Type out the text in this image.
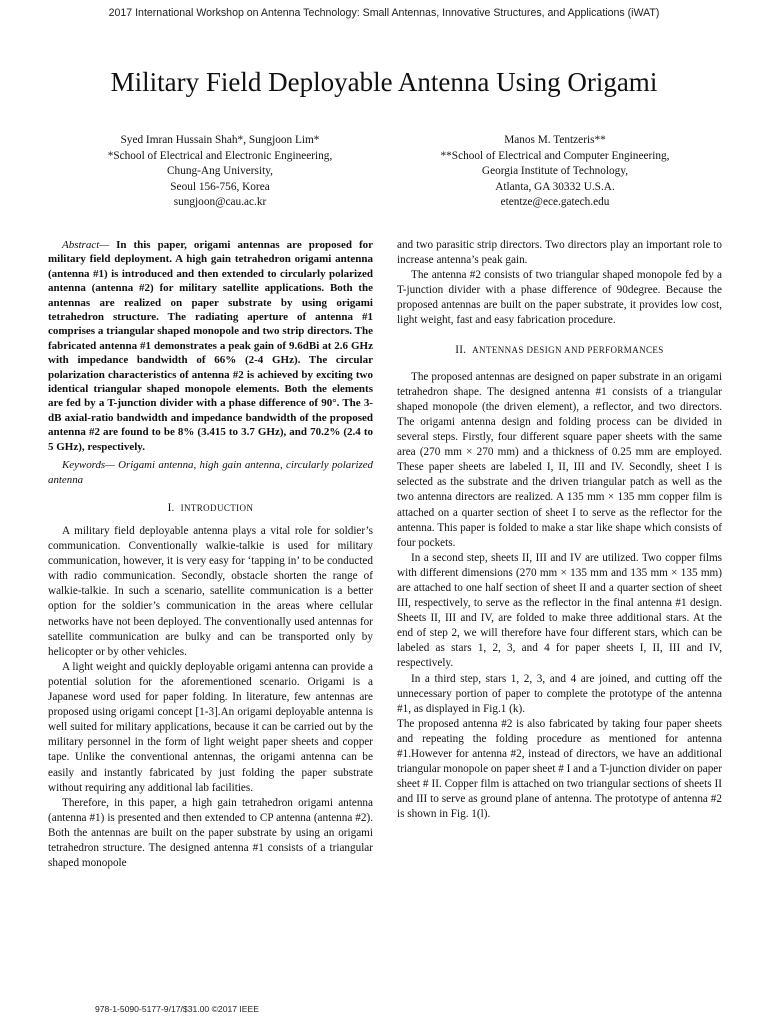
2017 International Workshop on Antenna Technology: Small Antennas, Innovative Structures, and Applications (iWAT)
Military Field Deployable Antenna Using Origami
Syed Imran Hussain Shah*, Sungjoon Lim*
*School of Electrical and Electronic Engineering,
Chung-Ang University,
Seoul 156-756, Korea
sungjoon@cau.ac.kr
Manos M. Tentzeris**
**School of Electrical and Computer Engineering,
Georgia Institute of Technology,
Atlanta, GA 30332 U.S.A.
etentze@ece.gatech.edu

Abstract— In this paper, origami antennas are proposed for military field deployment. A high gain tetrahedron origami antenna (antenna #1) is introduced and then extended to circularly polarized antenna (antenna #2) for military satellite applications. Both the antennas are realized on paper substrate by using origami tetrahedron structure. The radiating aperture of antenna #1 comprises a triangular shaped monopole and two strip directors. The fabricated antenna #1 demonstrates a peak gain of 9.6dBi at 2.6 GHz with impedance bandwidth of 66% (2-4 GHz). The circular polarization characteristics of antenna #2 is achieved by exciting two identical triangular shaped monopole elements. Both the elements are fed by a T-junction divider with a phase difference of 90°. The 3-dB axial-ratio bandwidth and impedance bandwidth of the proposed antenna #2 are found to be 8% (3.415 to 3.7 GHz), and 70.2% (2.4 to 5 GHz), respectively.

Keywords— Origami antenna, high gain antenna, circularly polarized antenna

I. INTRODUCTION

A military field deployable antenna plays a vital role for soldier’s communication. Conventionally walkie-talkie is used for military communication, however, it is very easy for ‘tapping in’ to be conducted with radio communication. Secondly, obstacle shorten the range of walkie-talkie. In such a scenario, satellite communication is a better option for the soldier’s communication in the areas where cellular networks have not been deployed. The conventionally used antennas for satellite communication are bulky and can be transported only by helicopter or by other vehicles.

A light weight and quickly deployable origami antenna can provide a potential solution for the aforementioned scenario. Origami is a Japanese word used for paper folding. In literature, few antennas are proposed using origami concept [1-3].An origami deployable antenna is well suited for military applications, because it can be carried out by the military personnel in the form of light weight paper sheets and copper tape. Unlike the conventional antennas, the origami antenna can be easily and instantly fabricated by just folding the paper substrate without requiring any additional lab facilities.

Therefore, in this paper, a high gain tetrahedron origami antenna (antenna #1) is presented and then extended to CP antenna (antenna #2). Both the antennas are built on the paper substrate by using an origami tetrahedron structure. The designed antenna #1 consists of a triangular shaped monopole

and two parasitic strip directors. Two directors play an important role to increase antenna’s peak gain.

The antenna #2 consists of two triangular shaped monopole fed by a T-junction divider with a phase difference of 90degree. Because the proposed antennas are built on the paper substrate, it provides low cost, light weight, fast and easy fabrication procedure.

II. ANTENNAS DESIGN AND PERFORMANCES

The proposed antennas are designed on paper substrate in an origami tetrahedron shape. The designed antenna #1 consists of a triangular shaped monopole (the driven element), a reflector, and two directors. The origami antenna design and folding process can be divided in several steps. Firstly, four different square paper sheets with the same area (270 mm × 270 mm) and a thickness of 0.25 mm are employed. These paper sheets are labeled I, II, III and IV. Secondly, sheet I is selected as the substrate and the driven triangular patch as well as the two antenna directors are realized. A 135 mm × 135 mm copper film is attached on a quarter section of sheet I to serve as the reflector for the antenna. This paper is folded to make a star like shape which consists of four pockets.

In a second step, sheets II, III and IV are utilized. Two copper films with different dimensions (270 mm × 135 mm and 135 mm × 135 mm) are attached to one half section of sheet II and a quarter section of sheet III, respectively, to serve as the reflector in the final antenna #1 design. Sheets II, III and IV, are folded to make three additional stars. At the end of step 2, we will therefore have four different stars, which can be labeled as stars 1, 2, 3, and 4 for paper sheets I, II, III and IV, respectively.

In a third step, stars 1, 2, 3, and 4 are joined, and cutting off the unnecessary portion of paper to complete the prototype of the antenna #1, as displayed in Fig.1 (k).

The proposed antenna #2 is also fabricated by taking four paper sheets and repeating the folding procedure as mentioned for antenna #1.However for antenna #2, instead of directors, we have an additional triangular monopole on paper sheet # I and a T-junction divider on paper sheet # II. Copper film is attached on two triangular sections of sheets II and III to serve as ground plane of antenna. The prototype of antenna #2 is shown in Fig. 1(l).

978-1-5090-5177-9/17/$31.00 ©2017 IEEE
